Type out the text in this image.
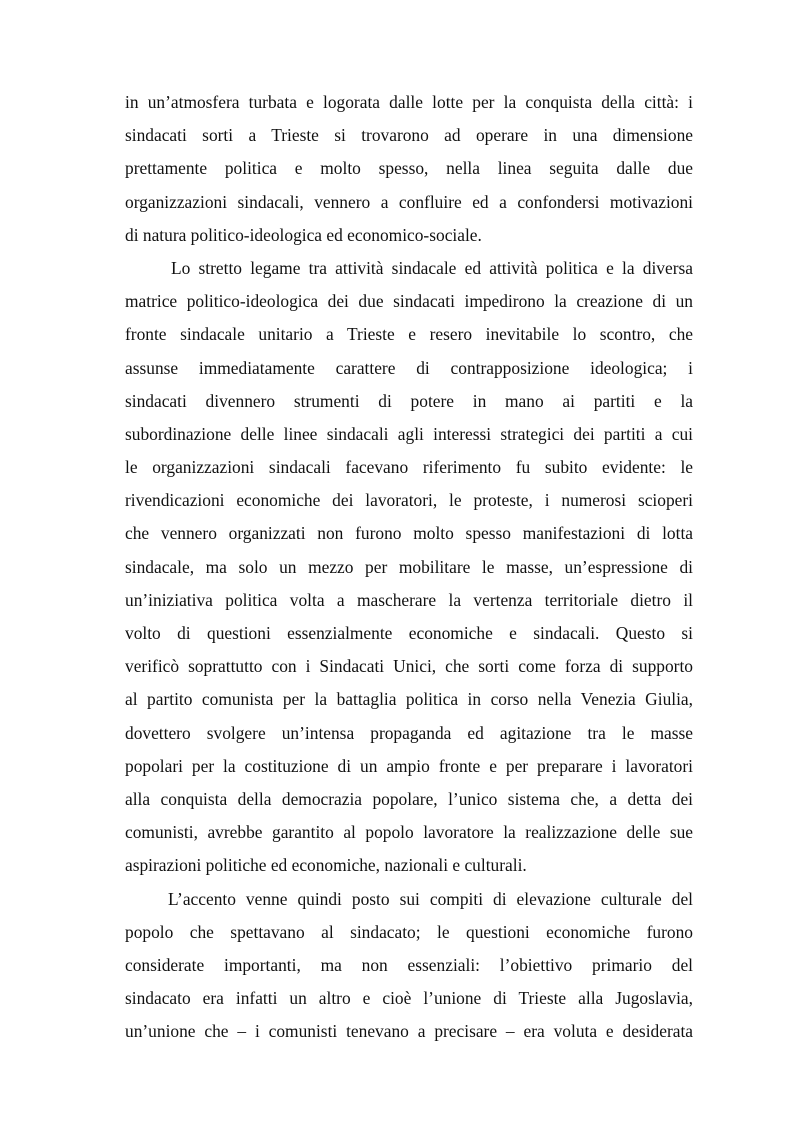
in un’atmosfera turbata e logorata dalle lotte per la conquista della città: i
sindacati sorti a Trieste si trovarono ad operare in una dimensione
prettamente politica e molto spesso, nella linea seguita dalle due
organizzazioni sindacali, vennero a confluire ed a confondersi motivazioni
di natura politico-ideologica ed economico-sociale.
Lo stretto legame tra attività sindacale ed attività politica e la diversa
matrice politico-ideologica dei due sindacati impedirono la creazione di un
fronte sindacale unitario a Trieste e resero inevitabile lo scontro, che
assunse immediatamente carattere di contrapposizione ideologica; i
sindacati divennero strumenti di potere in mano ai partiti e la
subordinazione delle linee sindacali agli interessi strategici dei partiti a cui
le organizzazioni sindacali facevano riferimento fu subito evidente: le
rivendicazioni economiche dei lavoratori, le proteste, i numerosi scioperi
che vennero organizzati non furono molto spesso manifestazioni di lotta
sindacale, ma solo un mezzo per mobilitare le masse, un’espressione di
un’iniziativa politica volta a mascherare la vertenza territoriale dietro il
volto di questioni essenzialmente economiche e sindacali. Questo si
verificò soprattutto con i Sindacati Unici, che sorti come forza di supporto
al partito comunista per la battaglia politica in corso nella Venezia Giulia,
dovettero svolgere un’intensa propaganda ed agitazione tra le masse
popolari per la costituzione di un ampio fronte e per preparare i lavoratori
alla conquista della democrazia popolare, l’unico sistema che, a detta dei
comunisti, avrebbe garantito al popolo lavoratore la realizzazione delle sue
aspirazioni politiche ed economiche, nazionali e culturali.
L’accento venne quindi posto sui compiti di elevazione culturale del
popolo che spettavano al sindacato; le questioni economiche furono
considerate importanti, ma non essenziali: l’obiettivo primario del
sindacato era infatti un altro e cioè l’unione di Trieste alla Jugoslavia,
un’unione che – i comunisti tenevano a precisare – era voluta e desiderata
